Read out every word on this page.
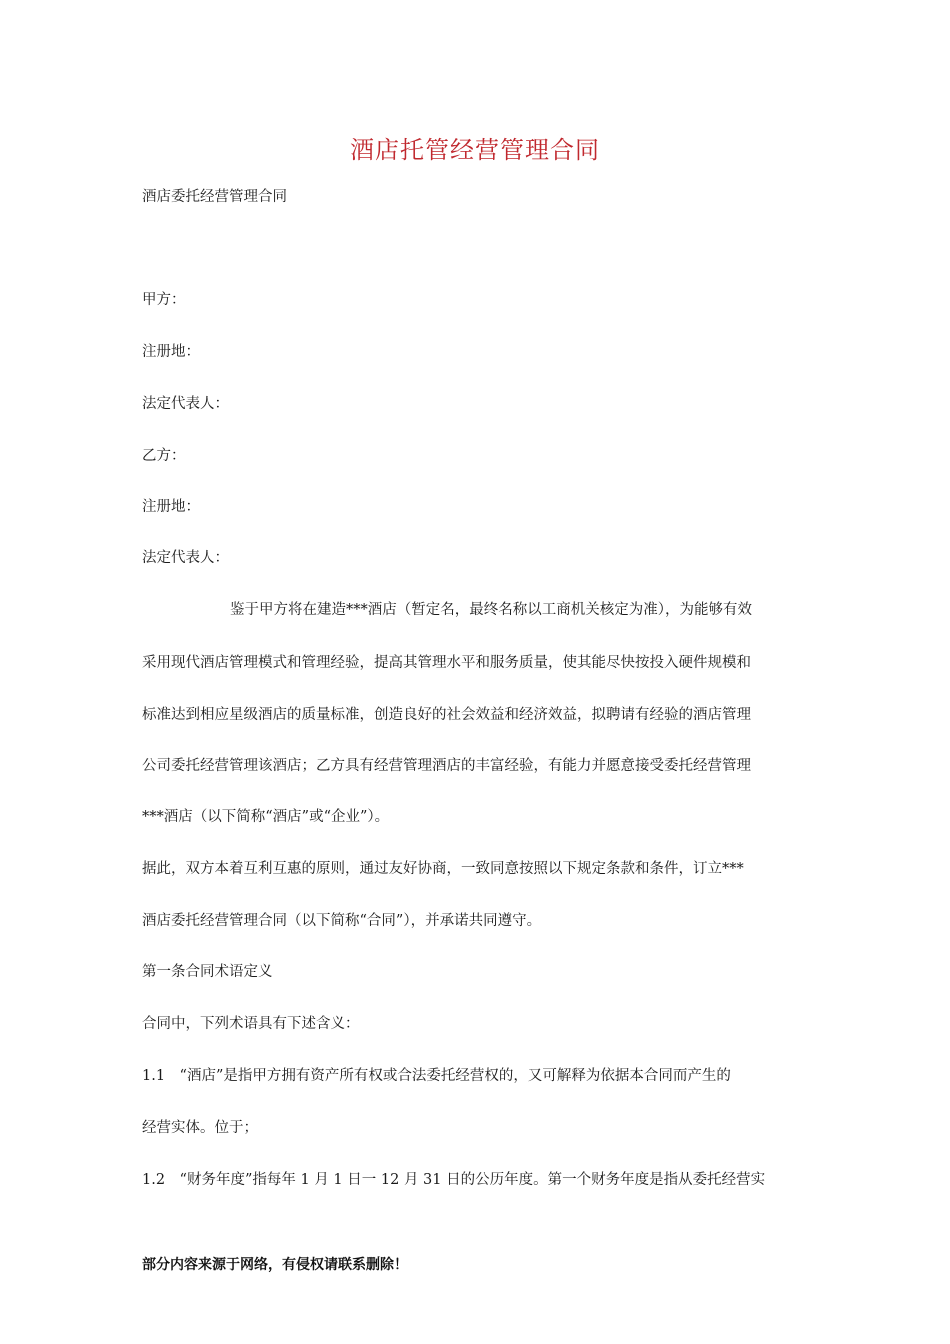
酒店托管经营管理合同

酒店委托经营管理合同

甲方：

注册地：

法定代表人：

乙方：

注册地：

法定代表人：

鉴于甲方将在建造***酒店（暂定名，最终名称以工商机关核定为准），为能够有效

采用现代酒店管理模式和管理经验，提高其管理水平和服务质量，使其能尽快按投入硬件规模和

标准达到相应星级酒店的质量标准，创造良好的社会效益和经济效益，拟聘请有经验的酒店管理

公司委托经营管理该酒店；乙方具有经营管理酒店的丰富经验，有能力并愿意接受委托经营管理

***酒店（以下简称“酒店”或“企业”）。

据此，双方本着互利互惠的原则，通过友好协商，一致同意按照以下规定条款和条件，订立***

酒店委托经营管理合同（以下简称“合同”），并承诺共同遵守。

第一条合同术语定义

合同中，下列术语具有下述含义：

1.1　“酒店”是指甲方拥有资产所有权或合法委托经营权的，又可解释为依据本合同而产生的

经营实体。位于；

1.2　“财务年度”指每年 1 月 1 日一 12 月 31 日的公历年度。第一个财务年度是指从委托经营实

部分内容来源于网络，有侵权请联系删除！
